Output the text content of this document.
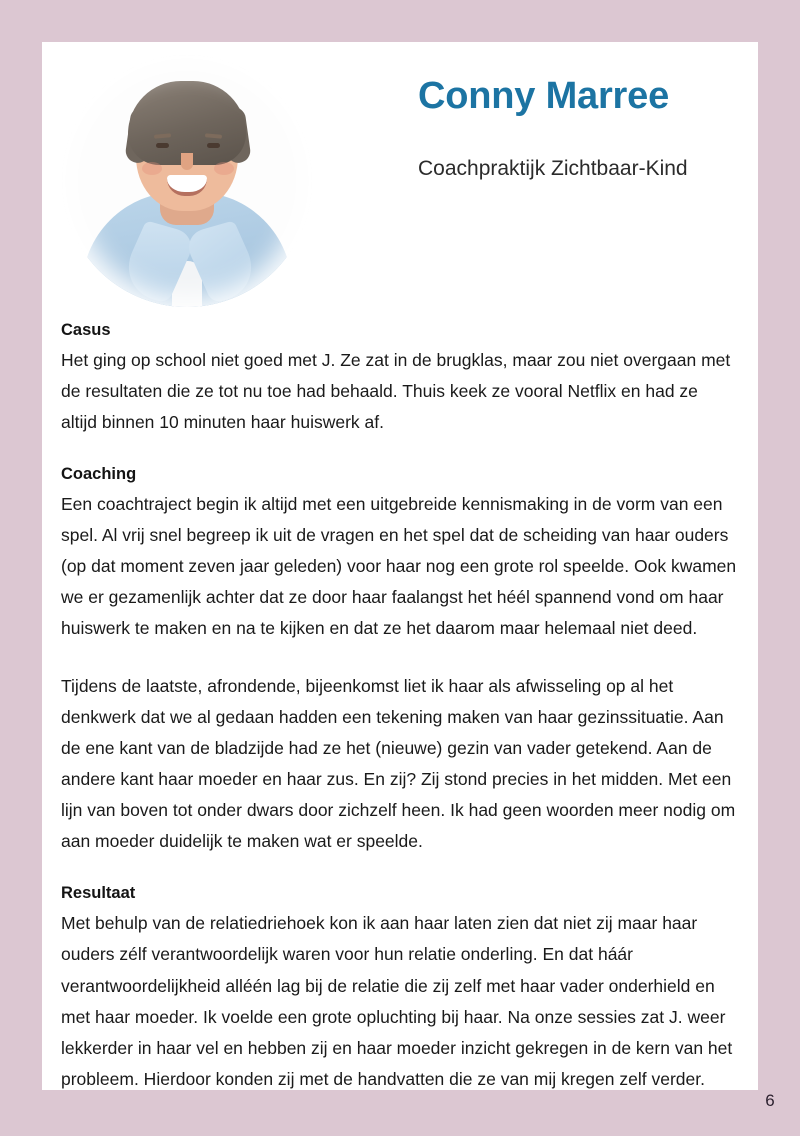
Conny Marree
Coachpraktijk Zichtbaar-Kind
Casus

Het ging op school niet goed met J. Ze zat in de brugklas, maar zou niet overgaan met de resultaten die ze tot nu toe had behaald. Thuis keek ze vooral Netflix en had ze altijd binnen 10 minuten haar huiswerk af.

Coaching

Een coachtraject begin ik altijd met een uitgebreide kennismaking in de vorm van een spel. Al vrij snel begreep ik uit de vragen en het spel dat de scheiding van haar ouders (op dat moment zeven jaar geleden) voor haar nog een grote rol speelde. Ook kwamen we er gezamenlijk achter dat ze door haar faalangst het héél spannend vond om haar huiswerk te maken en na te kijken en dat ze het daarom maar helemaal niet deed.

Tijdens de laatste, afrondende, bijeenkomst liet ik haar als afwisseling op al het denkwerk dat we al gedaan hadden een tekening maken van haar gezinssituatie. Aan de ene kant van de bladzijde had ze het (nieuwe) gezin van vader getekend. Aan de andere kant haar moeder en haar zus. En zij? Zij stond precies in het midden. Met een lijn van boven tot onder dwars door zichzelf heen. Ik had geen woorden meer nodig om aan moeder duidelijk te maken wat er speelde.

Resultaat

Met behulp van de relatiedriehoek kon ik aan haar laten zien dat niet zij maar haar ouders zélf verantwoordelijk waren voor hun relatie onderling. En dat háár verantwoordelijkheid alléén lag bij de relatie die zij zelf met haar vader onderhield en met haar moeder. Ik voelde een grote opluchting bij haar. Na onze sessies zat J. weer lekkerder in haar vel en hebben zij en haar moeder inzicht gekregen in de kern van het probleem. Hierdoor konden zij met de handvatten die ze van mij kregen zelf verder.

6
